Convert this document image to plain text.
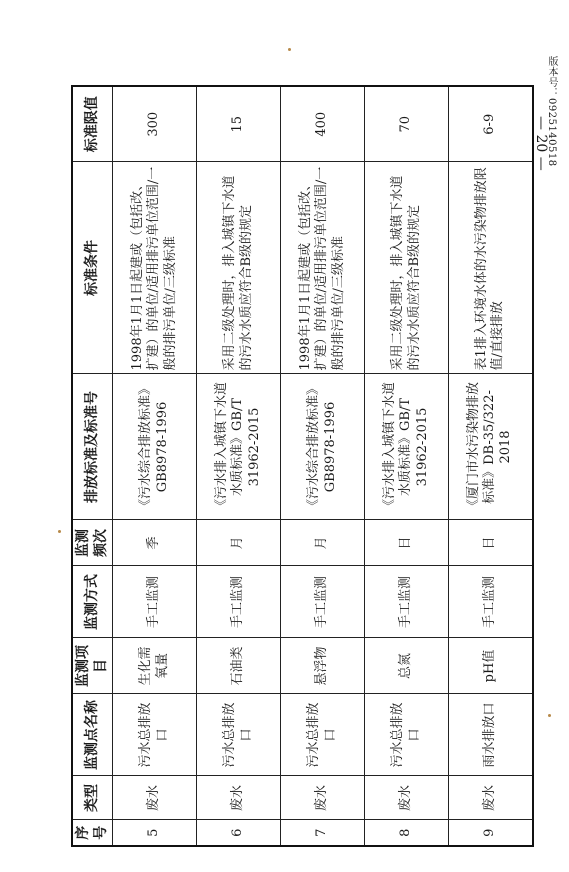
版本号：0925140518
— 20 —
序号	类型	监测点名称	监测项目	监测方式	监测频次	排放标准及标准号	标准条件	标准限值
5	废水	污水总排放口	生化需氧量	手工监测	季	《污水综合排放标准》GB8978-1996	1998年1月1日起建或（包括改、扩建）的单位/适用排污单位范围/一般的排污单位/三级标准	300
6	废水	污水总排放口	石油类	手工监测	月	《污水排入城镇下水道水质标准》GB/T 31962-2015	采用二级处理时，排入城镇下水道的污水水质应符合B级的规定	15
7	废水	污水总排放口	悬浮物	手工监测	月	《污水综合排放标准》GB8978-1996	1998年1月1日起建或（包括改、扩建）的单位/适用排污单位范围/一般的排污单位/三级标准	400
8	废水	污水总排放口	总氮	手工监测	日	《污水排入城镇下水道水质标准》GB/T 31962-2015	采用二级处理时，排入城镇下水道的污水水质应符合B级的规定	70
9	废水	雨水排放口	pH值	手工监测	日	《厦门市水污染物排放标准》DB-35/322-2018	表1排入环境水体的水污染物排放限值/直接排放	6-9
